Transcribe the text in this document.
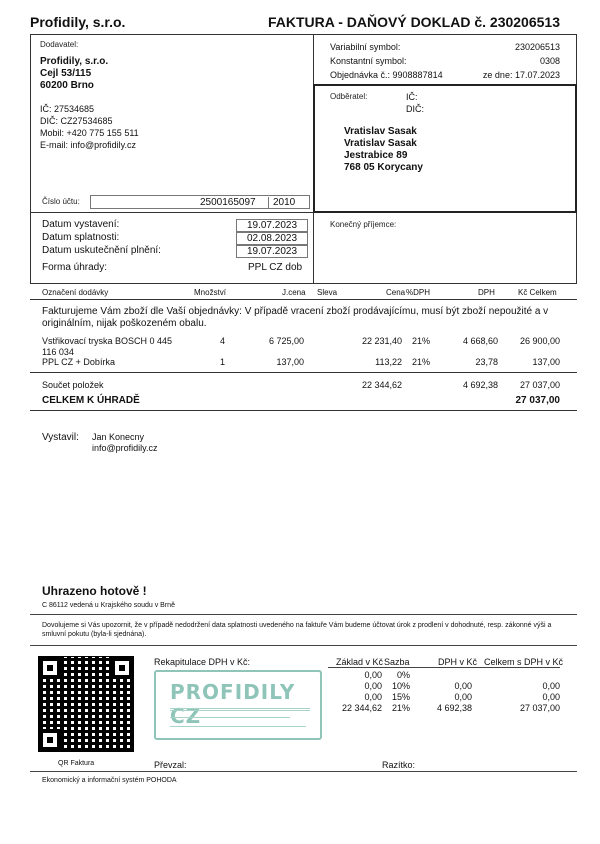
Profidily, s.r.o.	FAKTURA - DAŇOVÝ DOKLAD č. 230206513
Dodavatel:
Profidily, s.r.o.
Cejl 53/115
60200 Brno
IČ: 27534685
DIČ: CZ27534685
Mobil: +420 775 155 511
E-mail: info@profidily.cz
Variabilní symbol:	230206513
Konstantní symbol:	0308
Objednávka č.: 9908887814	ze dne: 17.07.2023
Odběratel:	IČ:
DIČ:
Vratislav Sasak
Vratislav Sasak
Jestrabice 89
768 05 Korycany
Číslo účtu:	2500165097	2010
Datum vystavení:	19.07.2023
Datum splatnosti:	02.08.2023
Datum uskutečnění plnění:	19.07.2023
Forma úhrady:	PPL CZ dob
Konečný příjemce:
Označení dodávky	Množství	J.cena Sleva	Cena %DPH	DPH	Kč Celkem
Fakturujeme Vám zboží dle Vaší objednávky: V případě vracení zboží prodávajícímu, musí být zboží nepoužité a v originálním, nijak poškozeném obalu.
Vstřikovací tryska BOSCH 0 445
116 034
4	6 725,00	22 231,40 21%	4 668,60	26 900,00
PPL CZ + Dobírka	1	137,00	113,22 21%	23,78	137,00
Součet položek	22 344,62	4 692,38	27 037,00
CELKEM K ÚHRADĚ	27 037,00
Vystavil: Jan Konecny
info@profidily.cz
Uhrazeno hotově !
C 86112 vedená u Krajského soudu v Brně
Dovolujeme si Vás upozornit, že v případě nedodržení data splatnosti uvedeného na faktuře Vám budeme účtovat úrok z prodlení v dohodnuté, resp. zákonné výši a smluvní pokutu (byla-li sjednána).
QR Faktura
Rekapitulace DPH v Kč:	Základ v Kč Sazba	DPH v Kč Celkem s DPH v Kč
0,00	0%
0,00	10%	0,00	0,00
0,00	15%	0,00	0,00
22 344,62	21%	4 692,38	27 037,00
PROFIDILY CZ
Převzal:	Razítko:
Ekonomický a informační systém POHODA
